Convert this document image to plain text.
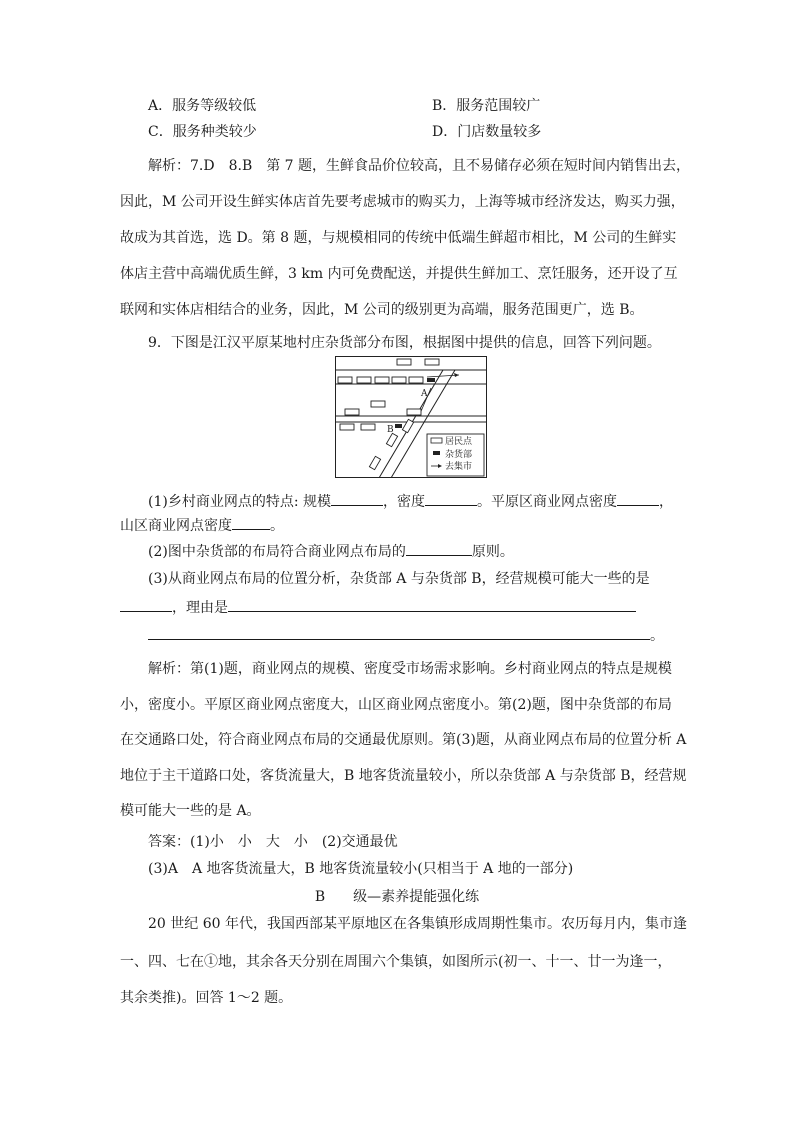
A．服务等级较低	B．服务范围较广
C．服务种类较少	D．门店数量较多
解析：7.D　8.B　第 7 题，生鲜食品价位较高，且不易储存必须在短时间内销售出去，
因此，M 公司开设生鲜实体店首先要考虑城市的购买力，上海等城市经济发达，购买力强，
故成为其首选，选 D。第 8 题，与规模相同的传统中低端生鲜超市相比，M 公司的生鲜实
体店主营中高端优质生鲜，3 km 内可免费配送，并提供生鲜加工、烹饪服务，还开设了互
联网和实体店相结合的业务，因此，M 公司的级别更为高端，服务范围更广，选 B。
9．下图是江汉平原某地村庄杂货部分布图，根据图中提供的信息，回答下列问题。
A
B
居民点
杂货部
去集市
(1)乡村商业网点的特点: 规模	，密度	。平原区商业网点密度	，
山区商业网点密度	。
(2)图中杂货部的布局符合商业网点布局的	原则。
(3)从商业网点布局的位置分析，杂货部 A 与杂货部 B，经营规模可能大一些的是
，理由是
。
解析：第(1)题，商业网点的规模、密度受市场需求影响。乡村商业网点的特点是规模
小，密度小。平原区商业网点密度大，山区商业网点密度小。第(2)题，图中杂货部的布局
在交通路口处，符合商业网点布局的交通最优原则。第(3)题，从商业网点布局的位置分析 A
地位于主干道路口处，客货流量大，B 地客货流量较小，所以杂货部 A 与杂货部 B，经营规
模可能大一些的是 A。
答案：(1)小　小　大　小　(2)交通最优
(3)A　A 地客货流量大，B 地客货流量较小(只相当于 A 地的一部分)
B 级—素养提能强化练
20 世纪 60 年代，我国西部某平原地区在各集镇形成周期性集市。农历每月内，集市逢
一、四、七在①地，其余各天分别在周围六个集镇，如图所示(初一、十一、廿一为逢一，
其余类推)。回答 1～2 题。
